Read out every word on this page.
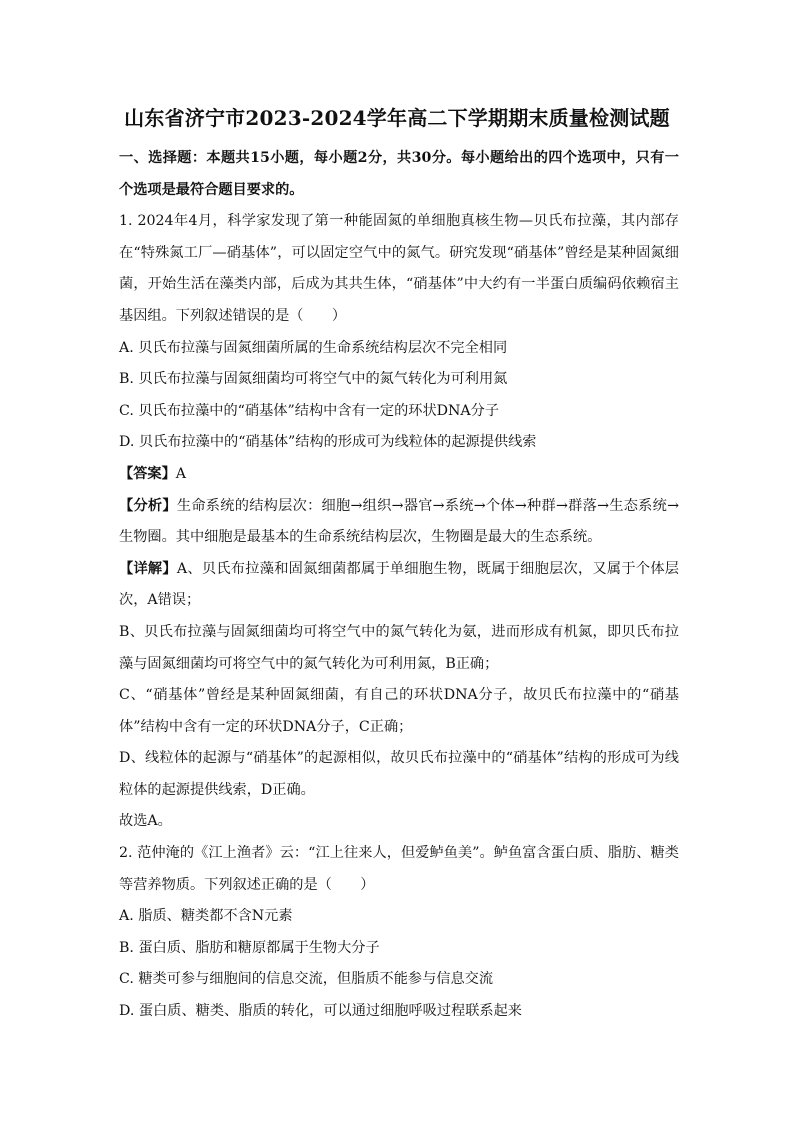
山东省济宁市2023-2024学年高二下学期期末质量检测试题

一、选择题：本题共15小题，每小题2分，共30分。每小题给出的四个选项中，只有一个选项是最符合题目要求的。

1. 2024年4月，科学家发现了第一种能固氮的单细胞真核生物—贝氏布拉藻，其内部存在“特殊氮工厂—硝基体”，可以固定空气中的氮气。研究发现“硝基体”曾经是某种固氮细菌，开始生活在藻类内部，后成为其共生体，“硝基体”中大约有一半蛋白质编码依赖宿主基因组。下列叙述错误的是（　　）

A. 贝氏布拉藻与固氮细菌所属的生命系统结构层次不完全相同

B. 贝氏布拉藻与固氮细菌均可将空气中的氮气转化为可利用氮

C. 贝氏布拉藻中的“硝基体”结构中含有一定的环状DNA分子

D. 贝氏布拉藻中的“硝基体”结构的形成可为线粒体的起源提供线索

【答案】A

【分析】生命系统的结构层次：细胞→组织→器官→系统→个体→种群→群落→生态系统→生物圈。其中细胞是最基本的生命系统结构层次，生物圈是最大的生态系统。

【详解】A、贝氏布拉藻和固氮细菌都属于单细胞生物，既属于细胞层次，又属于个体层次，A错误；

B、贝氏布拉藻与固氮细菌均可将空气中的氮气转化为氨，进而形成有机氮，即贝氏布拉藻与固氮细菌均可将空气中的氮气转化为可利用氮，B正确；

C、“硝基体”曾经是某种固氮细菌，有自己的环状DNA分子，故贝氏布拉藻中的“硝基体”结构中含有一定的环状DNA分子，C正确；

D、线粒体的起源与“硝基体”的起源相似，故贝氏布拉藻中的“硝基体”结构的形成可为线粒体的起源提供线索，D正确。

故选A。

2. 范仲淹的《江上渔者》云：“江上往来人，但爱鲈鱼美”。鲈鱼富含蛋白质、脂肪、糖类等营养物质。下列叙述正确的是（　　）

A. 脂质、糖类都不含N元素

B. 蛋白质、脂肪和糖原都属于生物大分子

C. 糖类可参与细胞间的信息交流，但脂质不能参与信息交流

D. 蛋白质、糖类、脂质的转化，可以通过细胞呼吸过程联系起来
